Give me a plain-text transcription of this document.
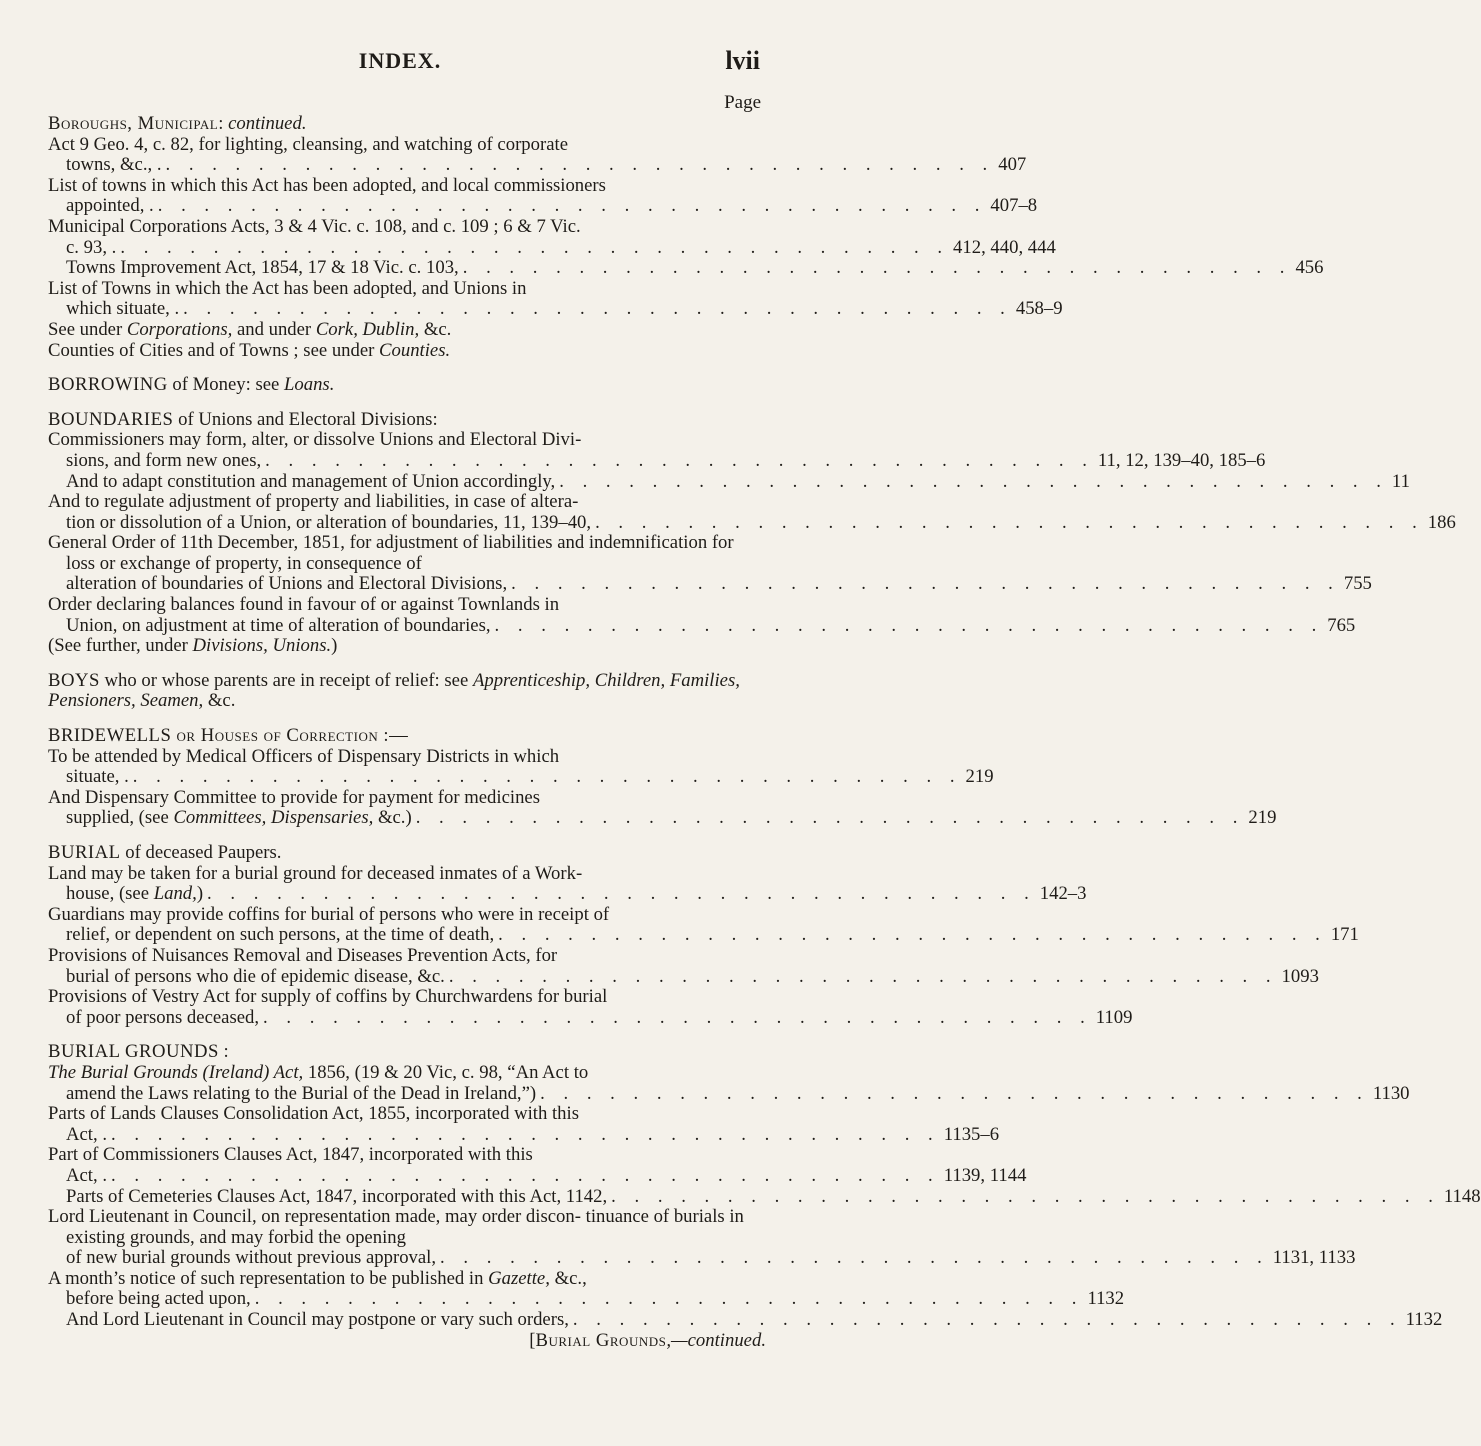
INDEX.	lvii
Page

Boroughs, Municipal: continued.

Act 9 Geo. 4, c. 82, for lighting, cleansing, and watching of corporate
towns, &c., . . . . . . . . . . . . . . . . . . . . . . . . . . . . . . . . . . . . . 407

List of towns in which this Act has been adopted, and local commissioners
appointed, . . . . . . . . . . . . . . . . . . . . . . . . . . . . . . . . . . . . . 407–8

Municipal Corporations Acts, 3 & 4 Vic. c. 108, and c. 109 ; 6 & 7 Vic.
c. 93, . . . . . . . . . . . . . . . . . . . . . . . . . . . . . . . . . . . . . 412, 440, 444

Towns Improvement Act, 1854, 17 & 18 Vic. c. 103, . . . . . . . . . . . . . . . . . . . . . . . . . . . . . . . . . . . . 456

List of Towns in which the Act has been adopted, and Unions in
which situate, . . . . . . . . . . . . . . . . . . . . . . . . . . . . . . . . . . . . . 458–9

See under Corporations, and under Cork, Dublin, &c.

Counties of Cities and of Towns ; see under Counties.

BORROWING of Money: see Loans.

BOUNDARIES of Unions and Electoral Divisions:

Commissioners may form, alter, or dissolve Unions and Electoral Divi-
sions, and form new ones, . . . . . . . . . . . . . . . . . . . . . . . . . . . . . . . . . . . . 11, 12, 139–40, 185–6

And to adapt constitution and management of Union accordingly, . . . . . . . . . . . . . . . . . . . . . . . . . . . . . . . . . . . . 11

And to regulate adjustment of property and liabilities, in case of altera-
tion or dissolution of a Union, or alteration of boundaries, 11, 139–40, . . . . . . . . . . . . . . . . . . . . . . . . . . . . . . . . . . . . 186

General Order of 11th December, 1851, for adjustment of liabilities and indemnification for loss or exchange of property, in consequence of
alteration of boundaries of Unions and Electoral Divisions, . . . . . . . . . . . . . . . . . . . . . . . . . . . . . . . . . . . . 755

Order declaring balances found in favour of or against Townlands in
Union, on adjustment at time of alteration of boundaries, . . . . . . . . . . . . . . . . . . . . . . . . . . . . . . . . . . . . 765

(See further, under Divisions, Unions.)

BOYS who or whose parents are in receipt of relief: see Apprenticeship, Children, Families, Pensioners, Seamen, &c.

BRIDEWELLS or Houses of Correction :—

To be attended by Medical Officers of Dispensary Districts in which
situate, . . . . . . . . . . . . . . . . . . . . . . . . . . . . . . . . . . . . . 219

And Dispensary Committee to provide for payment for medicines
supplied, (see Committees, Dispensaries, &c.) . . . . . . . . . . . . . . . . . . . . . . . . . . . . . . . . . . . . 219

BURIAL of deceased Paupers.

Land may be taken for a burial ground for deceased inmates of a Work-
house, (see Land,) . . . . . . . . . . . . . . . . . . . . . . . . . . . . . . . . . . . . 142–3

Guardians may provide coffins for burial of persons who were in receipt of
relief, or dependent on such persons, at the time of death, . . . . . . . . . . . . . . . . . . . . . . . . . . . . . . . . . . . . 171

Provisions of Nuisances Removal and Diseases Prevention Acts, for
burial of persons who die of epidemic disease, &c. . . . . . . . . . . . . . . . . . . . . . . . . . . . . . . . . . . . . 1093

Provisions of Vestry Act for supply of coffins by Churchwardens for burial
of poor persons deceased, . . . . . . . . . . . . . . . . . . . . . . . . . . . . . . . . . . . . 1109

BURIAL GROUNDS :

The Burial Grounds (Ireland) Act, 1856, (19 & 20 Vic, c. 98, “An Act to
amend the Laws relating to the Burial of the Dead in Ireland,”) . . . . . . . . . . . . . . . . . . . . . . . . . . . . . . . . . . . . 1130

Parts of Lands Clauses Consolidation Act, 1855, incorporated with this
Act, . . . . . . . . . . . . . . . . . . . . . . . . . . . . . . . . . . . . . 1135–6

Part of Commissioners Clauses Act, 1847, incorporated with this
Act, . . . . . . . . . . . . . . . . . . . . . . . . . . . . . . . . . . . . . 1139, 1144

Parts of Cemeteries Clauses Act, 1847, incorporated with this Act, 1142, . . . . . . . . . . . . . . . . . . . . . . . . . . . . . . . . . . . . 1148

Lord Lieutenant in Council, on representation made, may order discon- tinuance of burials in existing grounds, and may forbid the opening
of new burial grounds without previous approval, . . . . . . . . . . . . . . . . . . . . . . . . . . . . . . . . . . . . 1131, 1133

A month’s notice of such representation to be published in Gazette, &c.,
before being acted upon, . . . . . . . . . . . . . . . . . . . . . . . . . . . . . . . . . . . . 1132

And Lord Lieutenant in Council may postpone or vary such orders, . . . . . . . . . . . . . . . . . . . . . . . . . . . . . . . . . . . . 1132

[Burial Grounds,—continued.
